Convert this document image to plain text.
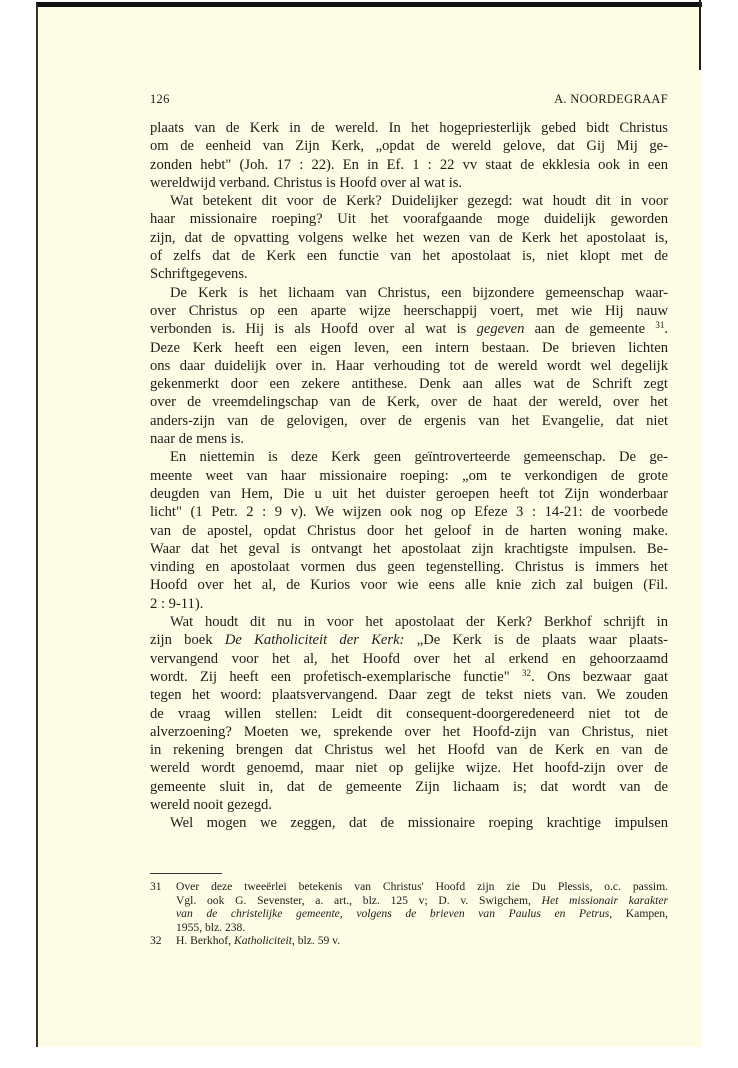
126	A. NOORDEGRAAF
plaats van de Kerk in de wereld. In het hogepriesterlijk gebed bidt Christus
om de eenheid van Zijn Kerk, „opdat de wereld gelove, dat Gij Mij ge-
zonden hebt" (Joh. 17 : 22). En in Ef. 1 : 22 vv staat de ekklesia ook in een
wereldwijd verband. Christus is Hoofd over al wat is.
Wat betekent dit voor de Kerk? Duidelijker gezegd: wat houdt dit in voor
haar missionaire roeping? Uit het voorafgaande moge duidelijk geworden
zijn, dat de opvatting volgens welke het wezen van de Kerk het apostolaat is,
of zelfs dat de Kerk een functie van het apostolaat is, niet klopt met de
Schriftgegevens.
De Kerk is het lichaam van Christus, een bijzondere gemeenschap waar-
over Christus op een aparte wijze heerschappij voert, met wie Hij nauw
verbonden is. Hij is als Hoofd over al wat is gegeven aan de gemeente $^{31}$.
Deze Kerk heeft een eigen leven, een intern bestaan. De brieven lichten
ons daar duidelijk over in. Haar verhouding tot de wereld wordt wel degelijk
gekenmerkt door een zekere antithese. Denk aan alles wat de Schrift zegt
over de vreemdelingschap van de Kerk, over de haat der wereld, over het
anders-zijn van de gelovigen, over de ergenis van het Evangelie, dat niet
naar de mens is.
En niettemin is deze Kerk geen geïntroverteerde gemeenschap. De ge-
meente weet van haar missionaire roeping: „om te verkondigen de grote
deugden van Hem, Die u uit het duister geroepen heeft tot Zijn wonderbaar
licht" (1 Petr. 2 : 9 v). We wijzen ook nog op Efeze 3 : 14-21: de voorbede
van de apostel, opdat Christus door het geloof in de harten woning make.
Waar dat het geval is ontvangt het apostolaat zijn krachtigste impulsen. Be-
vinding en apostolaat vormen dus geen tegenstelling. Christus is immers het
Hoofd over het al, de Kurios voor wie eens alle knie zich zal buigen (Fil.
2 : 9-11).
Wat houdt dit nu in voor het apostolaat der Kerk? Berkhof schrijft in
zijn boek De Katholiciteit der Kerk: „De Kerk is de plaats waar plaats-
vervangend voor het al, het Hoofd over het al erkend en gehoorzaamd
wordt. Zij heeft een profetisch-exemplarische functie" $^{32}$. Ons bezwaar gaat
tegen het woord: plaatsvervangend. Daar zegt de tekst niets van. We zouden
de vraag willen stellen: Leidt dit consequent-doorgeredeneerd niet tot de
alverzoening? Moeten we, sprekende over het Hoofd-zijn van Christus, niet
in rekening brengen dat Christus wel het Hoofd van de Kerk en van de
wereld wordt genoemd, maar niet op gelijke wijze. Het hoofd-zijn over de
gemeente sluit in, dat de gemeente Zijn lichaam is; dat wordt van de
wereld nooit gezegd.
Wel mogen we zeggen, dat de missionaire roeping krachtige impulsen
31 Over deze tweeërlei betekenis van Christus' Hoofd zijn zie Du Plessis, o.c. passim.
Vgl. ook G. Sevenster, a. art., blz. 125 v; D. v. Swigchem, Het missionair karakter
van de christelijke gemeente, volgens de brieven van Paulus en Petrus, Kampen,
1955, blz. 238.
32 H. Berkhof, Katholiciteit, blz. 59 v.
